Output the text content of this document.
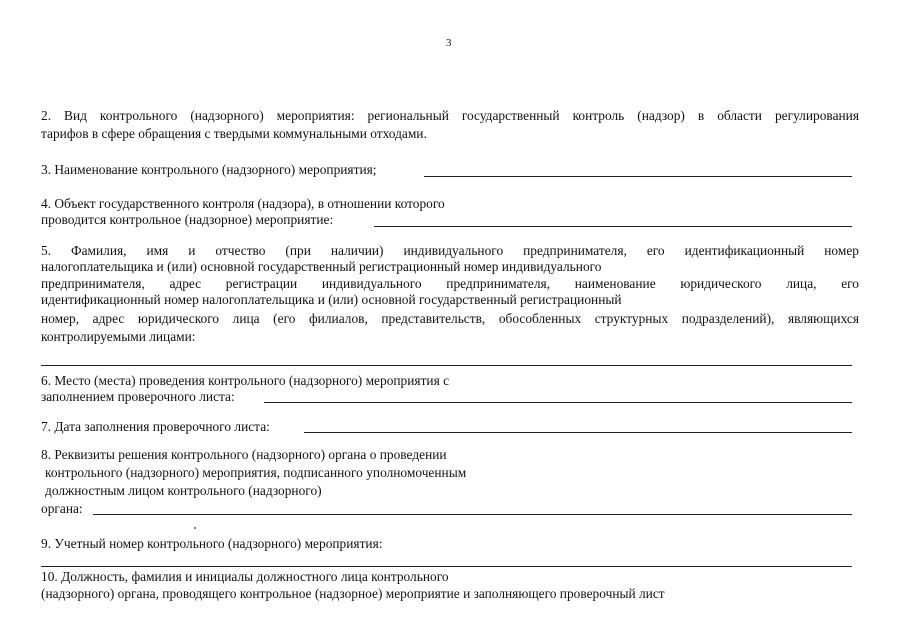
3
2. Вид контрольного (надзорного) мероприятия: региональный государственный контроль (надзор) в области регулирования
тарифов в сфере обращения с твердыми коммунальными отходами.
3. Наименование контрольного (надзорного) мероприятия;
4. Объект государственного контроля (надзора), в отношении которого
проводится контрольное (надзорное) мероприятие:
5. Фамилия, имя и отчество (при наличии) индивидуального предпринимателя, его идентификационный номер
налогоплательщика и (или) основной государственный регистрационный номер индивидуального
предпринимателя, адрес регистрации индивидуального предпринимателя, наименование юридического лица, его
идентификационный номер налогоплательщика и (или) основной государственный регистрационный
номер, адрес юридического лица (его филиалов, представительств, обособленных структурных подразделений), являющихся
контролируемыми лицами:
6. Место (места) проведения контрольного (надзорного) мероприятия с
заполнением проверочного листа:
7. Дата заполнения проверочного листа:
8. Реквизиты решения контрольного (надзорного) органа о проведении
контрольного (надзорного) мероприятия, подписанного уполномоченным
должностным лицом контрольного (надзорного)
органа:
9. Учетный номер контрольного (надзорного) мероприятия:
10. Должность, фамилия и инициалы должностного лица контрольного
(надзорного) органа, проводящего контрольное (надзорное) мероприятие и заполняющего проверочный лист
